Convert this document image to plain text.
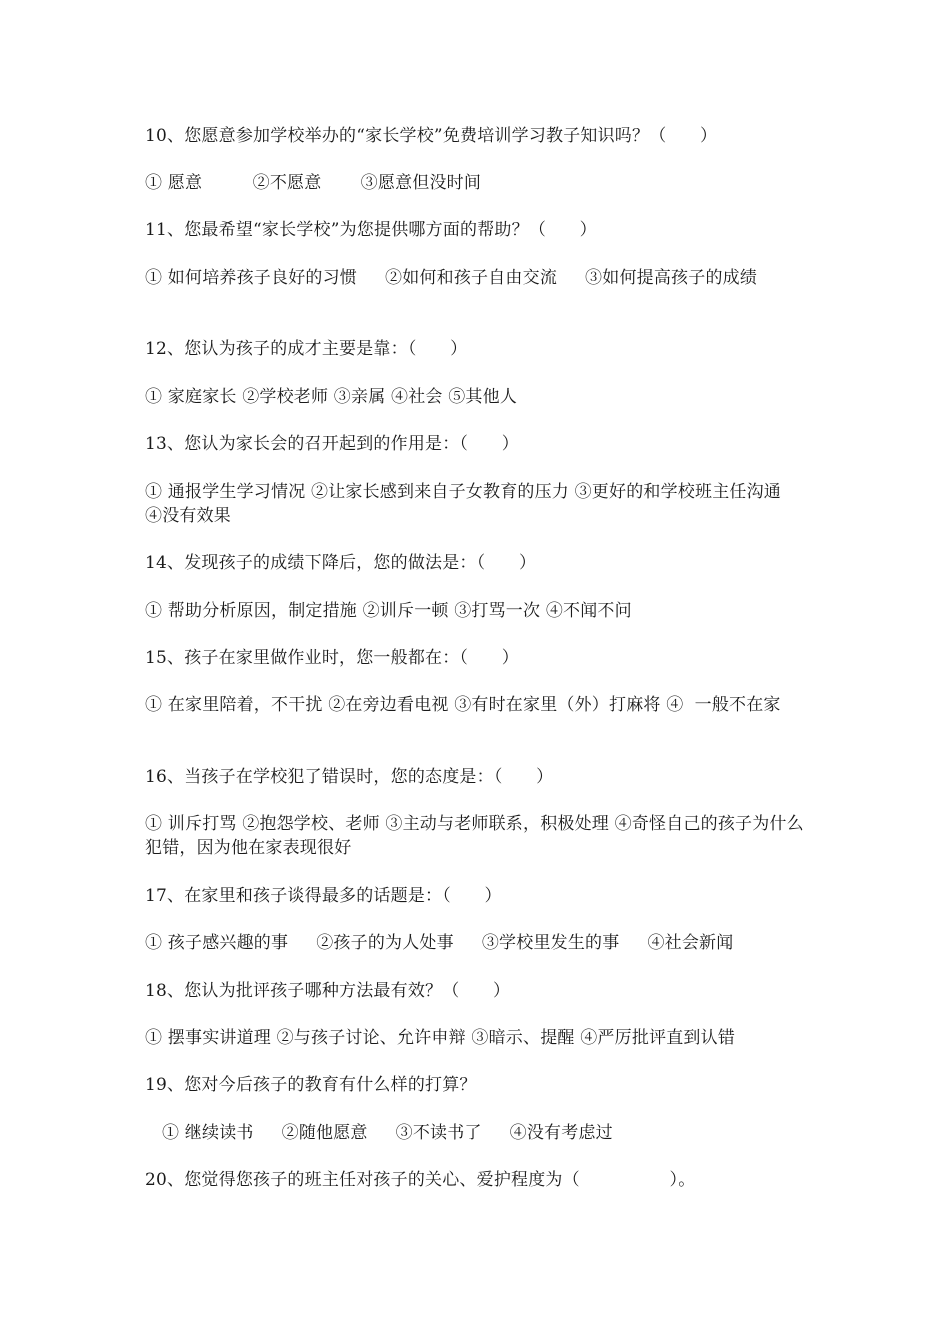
10、您愿意参加学校举办的“家长学校”免费培训学习教子知识吗？（      ）
① 愿意         ②不愿意       ③愿意但没时间
11、您最希望“家长学校”为您提供哪方面的帮助？（      ）
① 如何培养孩子良好的习惯     ②如何和孩子自由交流     ③如何提高孩子的成绩
12、您认为孩子的成才主要是靠：（      ）
① 家庭家长 ②学校老师 ③亲属 ④社会 ⑤其他人
13、您认为家长会的召开起到的作用是：（      ）
① 通报学生学习情况 ②让家长感到来自子女教育的压力 ③更好的和学校班主任沟通    ④没有效果
14、发现孩子的成绩下降后，您的做法是：（      ）
① 帮助分析原因，制定措施 ②训斥一顿 ③打骂一次 ④不闻不问
15、孩子在家里做作业时，您一般都在：（      ）
① 在家里陪着，不干扰 ②在旁边看电视 ③有时在家里（外）打麻将 ④  一般不在家
16、当孩子在学校犯了错误时，您的态度是：（      ）
① 训斥打骂 ②抱怨学校、老师 ③主动与老师联系，积极处理 ④奇怪自己的孩子为什么犯错，因为他在家表现很好
17、在家里和孩子谈得最多的话题是：（      ）
① 孩子感兴趣的事     ②孩子的为人处事     ③学校里发生的事     ④社会新闻
18、您认为批评孩子哪种方法最有效？（      ）
① 摆事实讲道理 ②与孩子讨论、允许申辩 ③暗示、提醒 ④严厉批评直到认错
19、您对今后孩子的教育有什么样的打算？
① 继续读书     ②随他愿意     ③不读书了     ④没有考虑过
20、您觉得您孩子的班主任对孩子的关心、爱护程度为（                ）。
